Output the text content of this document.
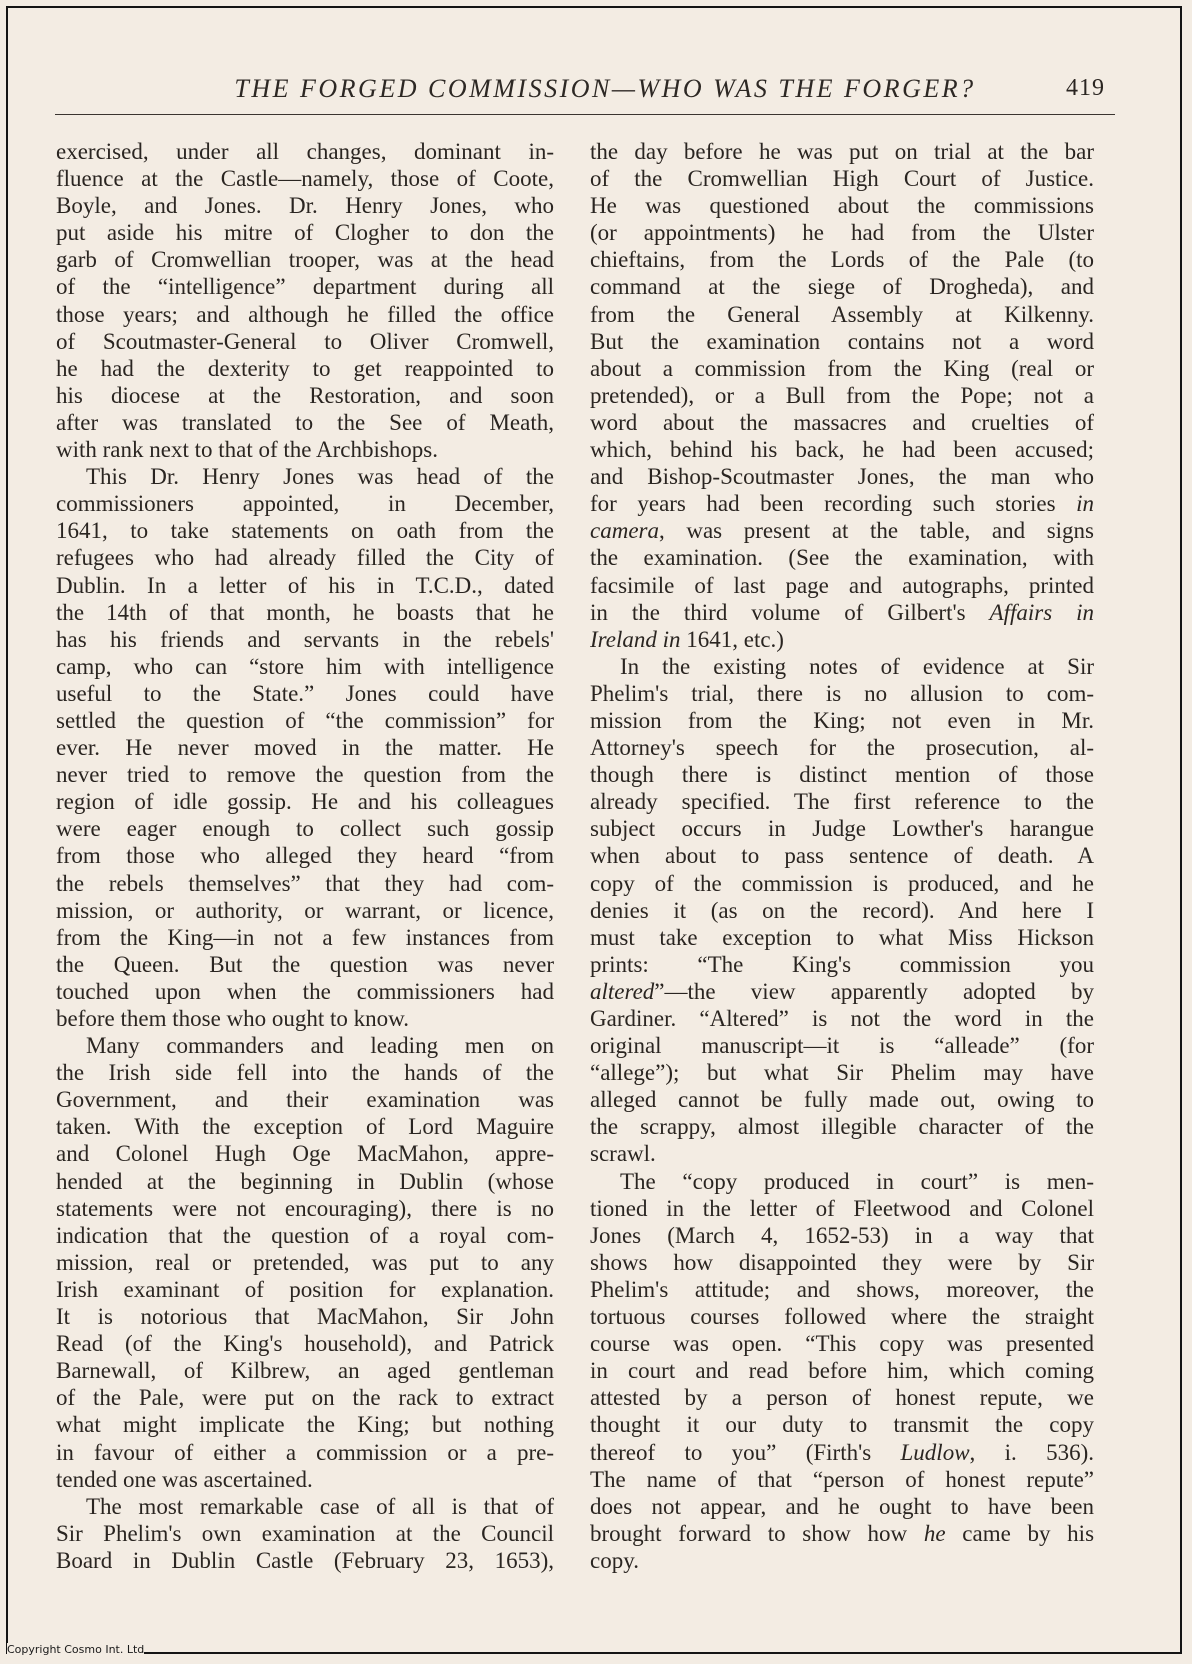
THE FORGED COMMISSION—WHO WAS THE FORGER?	419
exercised, under all changes, dominant in-
fluence at the Castle—namely, those of Coote,
Boyle, and Jones. Dr. Henry Jones, who
put aside his mitre of Clogher to don the
garb of Cromwellian trooper, was at the head
of the “intelligence” department during all
those years; and although he filled the office
of Scoutmaster-General to Oliver Cromwell,
he had the dexterity to get reappointed to
his diocese at the Restoration, and soon
after was translated to the See of Meath,
with rank next to that of the Archbishops.
This Dr. Henry Jones was head of the
commissioners appointed, in December,
1641, to take statements on oath from the
refugees who had already filled the City of
Dublin. In a letter of his in T.C.D., dated
the 14th of that month, he boasts that he
has his friends and servants in the rebels'
camp, who can “store him with intelligence
useful to the State.” Jones could have
settled the question of “the commission” for
ever. He never moved in the matter. He
never tried to remove the question from the
region of idle gossip. He and his colleagues
were eager enough to collect such gossip
from those who alleged they heard “from
the rebels themselves” that they had com-
mission, or authority, or warrant, or licence,
from the King—in not a few instances from
the Queen. But the question was never
touched upon when the commissioners had
before them those who ought to know.
Many commanders and leading men on
the Irish side fell into the hands of the
Government, and their examination was
taken. With the exception of Lord Maguire
and Colonel Hugh Oge MacMahon, appre-
hended at the beginning in Dublin (whose
statements were not encouraging), there is no
indication that the question of a royal com-
mission, real or pretended, was put to any
Irish examinant of position for explanation.
It is notorious that MacMahon, Sir John
Read (of the King's household), and Patrick
Barnewall, of Kilbrew, an aged gentleman
of the Pale, were put on the rack to extract
what might implicate the King; but nothing
in favour of either a commission or a pre-
tended one was ascertained.
The most remarkable case of all is that of
Sir Phelim's own examination at the Council
Board in Dublin Castle (February 23, 1653),
the day before he was put on trial at the bar
of the Cromwellian High Court of Justice.
He was questioned about the commissions
(or appointments) he had from the Ulster
chieftains, from the Lords of the Pale (to
command at the siege of Drogheda), and
from the General Assembly at Kilkenny.
But the examination contains not a word
about a commission from the King (real or
pretended), or a Bull from the Pope; not a
word about the massacres and cruelties of
which, behind his back, he had been accused;
and Bishop-Scoutmaster Jones, the man who
for years had been recording such stories in
camera, was present at the table, and signs
the examination. (See the examination, with
facsimile of last page and autographs, printed
in the third volume of Gilbert's Affairs in
Ireland in 1641, etc.)
In the existing notes of evidence at Sir
Phelim's trial, there is no allusion to com-
mission from the King; not even in Mr.
Attorney's speech for the prosecution, al-
though there is distinct mention of those
already specified. The first reference to the
subject occurs in Judge Lowther's harangue
when about to pass sentence of death. A
copy of the commission is produced, and he
denies it (as on the record). And here I
must take exception to what Miss Hickson
prints: “The King's commission you
altered”—the view apparently adopted by
Gardiner. “Altered” is not the word in the
original manuscript—it is “alleade” (for
“allege”); but what Sir Phelim may have
alleged cannot be fully made out, owing to
the scrappy, almost illegible character of the
scrawl.
The “copy produced in court” is men-
tioned in the letter of Fleetwood and Colonel
Jones (March 4, 1652-53) in a way that
shows how disappointed they were by Sir
Phelim's attitude; and shows, moreover, the
tortuous courses followed where the straight
course was open. “This copy was presented
in court and read before him, which coming
attested by a person of honest repute, we
thought it our duty to transmit the copy
thereof to you” (Firth's Ludlow, i. 536).
The name of that “person of honest repute”
does not appear, and he ought to have been
brought forward to show how he came by his
copy.
Copyright Cosmo Int. Ltd
